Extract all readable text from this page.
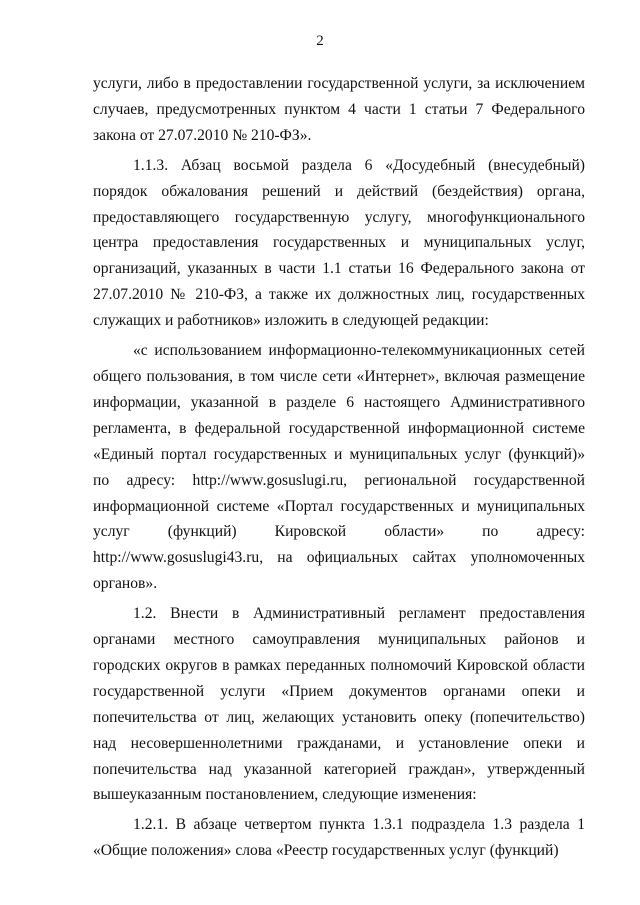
2

услуги, либо в предоставлении государственной услуги, за исключением случаев, предусмотренных пунктом 4 части 1 статьи 7 Федерального закона от 27.07.2010 № 210-ФЗ».

1.1.3. Абзац восьмой раздела 6 «Досудебный (внесудебный) порядок обжалования решений и действий (бездействия) органа, предоставляющего государственную услугу, многофункционального центра предоставления государственных и муниципальных услуг, организаций, указанных в части 1.1 статьи 16 Федерального закона от 27.07.2010 № 210-ФЗ, а также их должностных лиц, государственных служащих и работников» изложить в следующей редакции:

«с использованием информационно-телекоммуникационных сетей общего пользования, в том числе сети «Интернет», включая размещение информации, указанной в разделе 6 настоящего Административного регламента, в федеральной государственной информационной системе «Единый портал государственных и муниципальных услуг (функций)» по адресу: http://www.gosuslugi.ru, региональной государственной информационной системе «Портал государственных и муниципальных услуг (функций) Кировской области» по адресу: http://www.gosuslugi43.ru, на официальных сайтах уполномоченных органов».

1.2. Внести в Административный регламент предоставления органами местного самоуправления муниципальных районов и городских округов в рамках переданных полномочий Кировской области государственной услуги «Прием документов органами опеки и попечительства от лиц, желающих установить опеку (попечительство) над несовершеннолетними гражданами, и установление опеки и попечительства над указанной категорией граждан», утвержденный вышеуказанным постановлением, следующие изменения:

1.2.1. В абзаце четвертом пункта 1.3.1 подраздела 1.3 раздела 1 «Общие положения» слова «Реестр государственных услуг (функций)
